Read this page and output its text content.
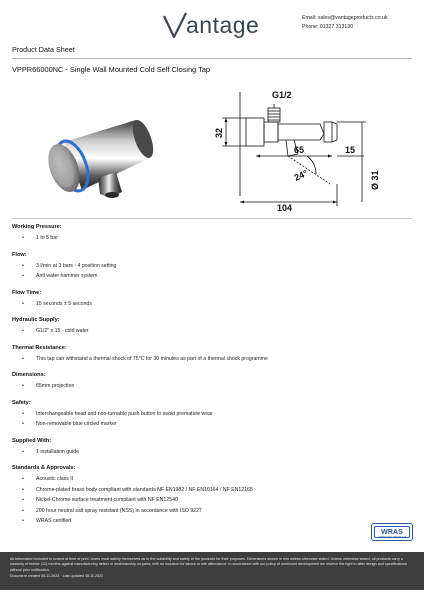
antage	Email: sales@vantageproducts.co.uk
Phone: 01327 313130
Product Data Sheet
VPPR66000NC - Single Wall Mounted Cold Self Closing Tap
G1/2
32
65	15
Ø 31
24°
104
Working Pressure:
• 1 to 5 bar
Flow:
• 3 l/min at 3 bars - 4 position setting
• Anti water hammer system
Flow Time:
• 15 seconds ± 5 seconds
Hydraulic Supply:
• G1/2" x 15 - cold water
Thermal Resistance:
• This tap can withstand a thermal shock of 75°C for 30 minutes as part of a thermal shock programme
Dimensions:
• 65mm projection
Safety:
• Interchangeable head and non-turnable push button to avoid premature wear
• Non-removable blue circled marker
Supplied With:
• 1 installation guide
Standards & Approvals:
• Acoustic class II
• Chrome-plated brass body compliant with standards NF EN1982 / NF EN10164 / NF EN12165
• Nickel-Chrome surface treatment compliant with NF EN12540
• 200 hour neutral salt spray resistant (NSS) in accordance with ISO 9227
• WRAS certified
WRAS
APPROVED PRODUCT
All information included is correct at time of print. Users must satisfy themselves as to the suitability and safety of the products for their purposes. Dimensions shown in mm unless otherwise stated. Unless otherwise stated, all products carry a warranty of twelve (12) months against manufacturing defect or workmanship on parts, with no inclusion for labour or site attendance. In accordance with our policy of continued development we reserve the right to alter design and specifications without prior notification.
Document created 08.11.2023 · Last updated 08.11.2023
